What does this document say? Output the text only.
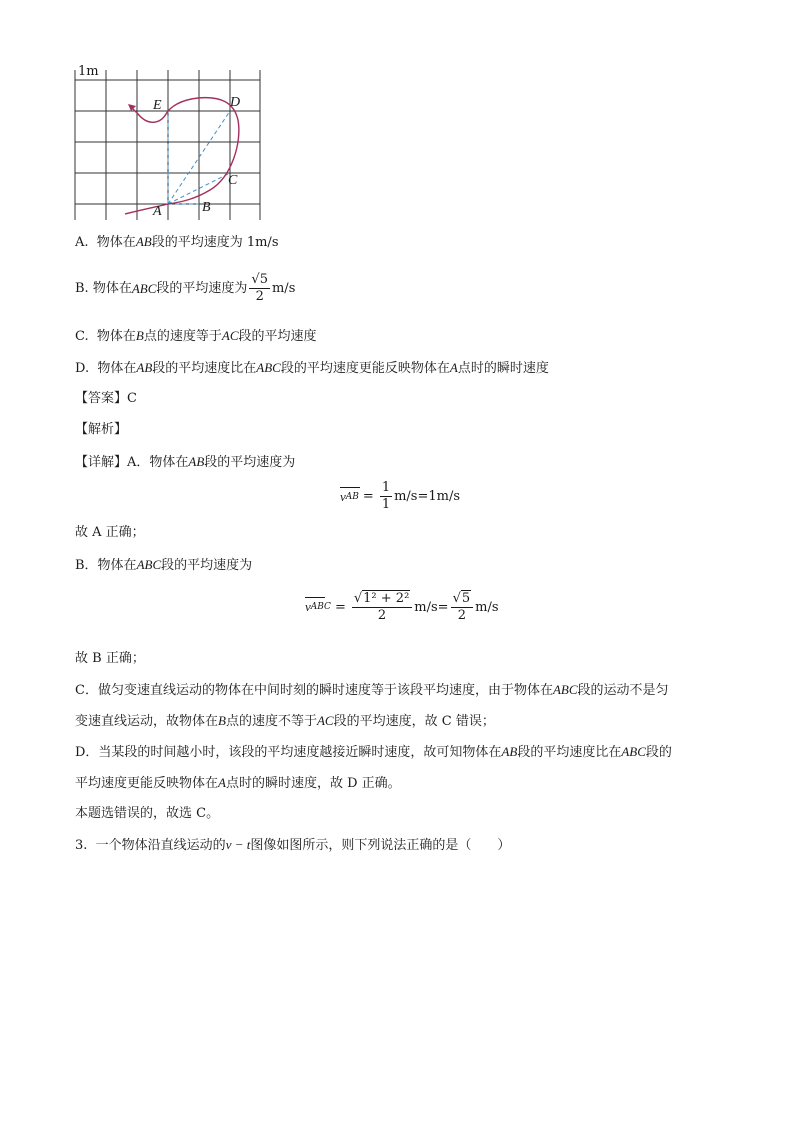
1m
E	D
C
B
A
A. 物体在AB段的平均速度为 1m/s
B.
物体在 ABC 段的平均速度为 $\frac{√5}{2} m/s$
C. 物体在B点的速度等于AC段的平均速度
D. 物体在AB段的平均速度比在ABC段的平均速度更能反映物体在A点时的瞬时速度
【答案】C
【解析】
【详解】A．物体在AB段的平均速度为
v AB = $\frac{1}{1} m/s=1m/s$
故 A 正确；
B．物体在ABC段的平均速度为
v ABC = $\frac{\text{√1² + 2²}}{2} m/s= \frac{√5}{2} m/s$
故 B 正确；
C．做匀变速直线运动的物体在中间时刻的瞬时速度等于该段平均速度，由于物体在ABC段的运动不是匀
变速直线运动，故物体在B点的速度不等于AC段的平均速度，故 C 错误；
D．当某段的时间越小时，该段的平均速度越接近瞬时速度，故可知物体在AB段的平均速度比在ABC段的
平均速度更能反映物体在A点时的瞬时速度，故 D 正确。
本题选错误的，故选 C。
3. 一个物体沿直线运动的v − t图像如图所示，则下列说法正确的是（　　）
